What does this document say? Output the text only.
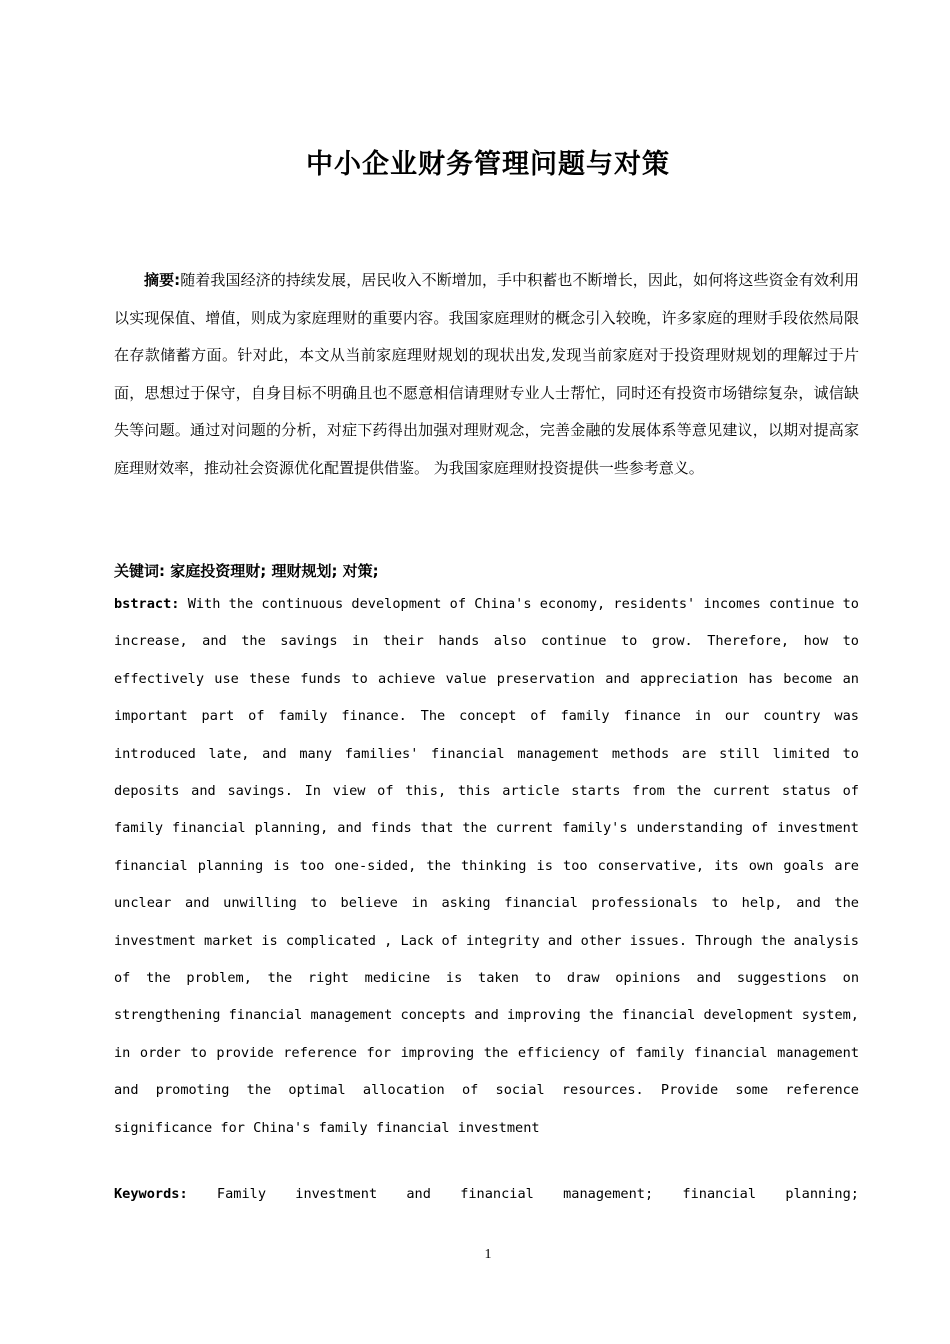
中小企业财务管理问题与对策
摘要:随着我国经济的持续发展，居民收入不断增加，手中积蓄也不断增长，因此，如何将这些资金有效利用以实现保值、增值，则成为家庭理财的重要内容。我国家庭理财的概念引入较晚，许多家庭的理财手段依然局限在存款储蓄方面。针对此，本文从当前家庭理财规划的现状出发,发现当前家庭对于投资理财规划的理解过于片面，思想过于保守，自身目标不明确且也不愿意相信请理财专业人士帮忙，同时还有投资市场错综复杂，诚信缺失等问题。通过对问题的分析，对症下药得出加强对理财观念，完善金融的发展体系等意见建议，以期对提高家庭理财效率，推动社会资源优化配置提供借鉴。 为我国家庭理财投资提供一些参考意义。
关键词: 家庭投资理财; 理财规划; 对策;
bstract: With the continuous development of China's economy, residents' incomes continue to increase, and the savings in their hands also continue to grow. Therefore, how to effectively use these funds to achieve value preservation and appreciation has become an important part of family finance. The concept of family finance in our country was introduced late, and many families' financial management methods are still limited to deposits and savings. In view of this, this article starts from the current status of family financial planning, and finds that the current family's understanding of investment financial planning is too one-sided, the thinking is too conservative, its own goals are unclear and unwilling to believe in asking financial professionals to help, and the investment market is complicated , Lack of integrity and other issues. Through the analysis of the problem, the right medicine is taken to draw opinions and suggestions on strengthening financial management concepts and improving the financial development system, in order to provide reference for improving the efficiency of family financial management and promoting the optimal allocation of social resources. Provide some reference significance for China's family financial investment
Keywords: Family investment and financial management; financial planning;
1
